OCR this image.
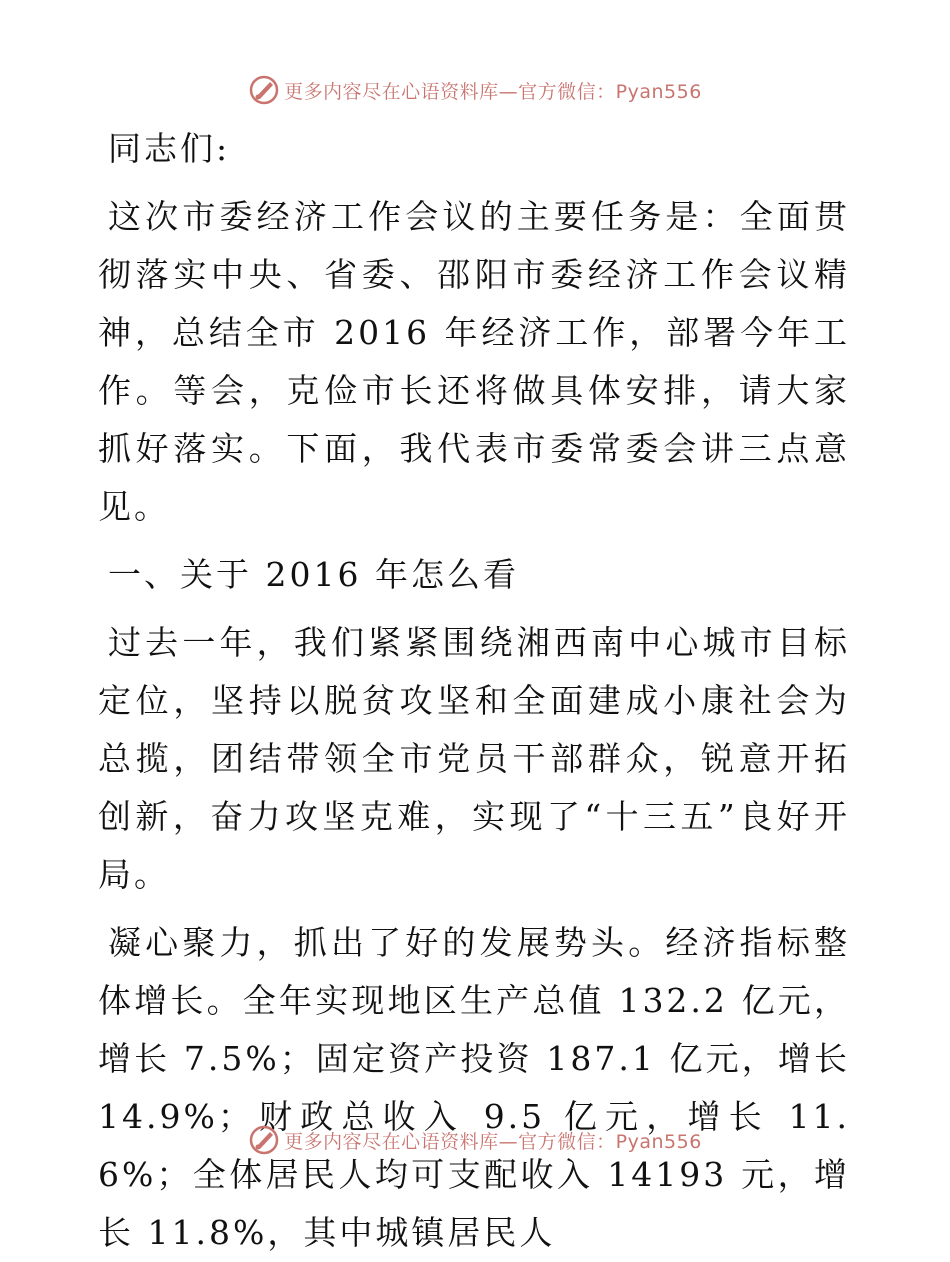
更多内容尽在心语资料库—官方微信：Pyan556

同志们:

这次市委经济工作会议的主要任务是：全面贯彻落实中央、省委、邵阳市委经济工作会议精神，总结全市 2016 年经济工作，部署今年工作。等会，克俭市长还将做具体安排，请大家抓好落实。下面，我代表市委常委会讲三点意见。

一、关于 2016 年怎么看

过去一年，我们紧紧围绕湘西南中心城市目标定位，坚持以脱贫攻坚和全面建成小康社会为总揽，团结带领全市党员干部群众，锐意开拓创新，奋力攻坚克难，实现了“十三五”良好开局。

凝心聚力，抓出了好的发展势头。经济指标整体增长。全年实现地区生产总值 132.2 亿元，增长 7.5%；固定资产投资 187.1 亿元，增长 14.9%；财政总收入 9.5 亿元，增长 11.6%；全体居民人均可支配收入 14193 元，增长 11.8%，其中城镇居民人

更多内容尽在心语资料库—官方微信：Pyan556
